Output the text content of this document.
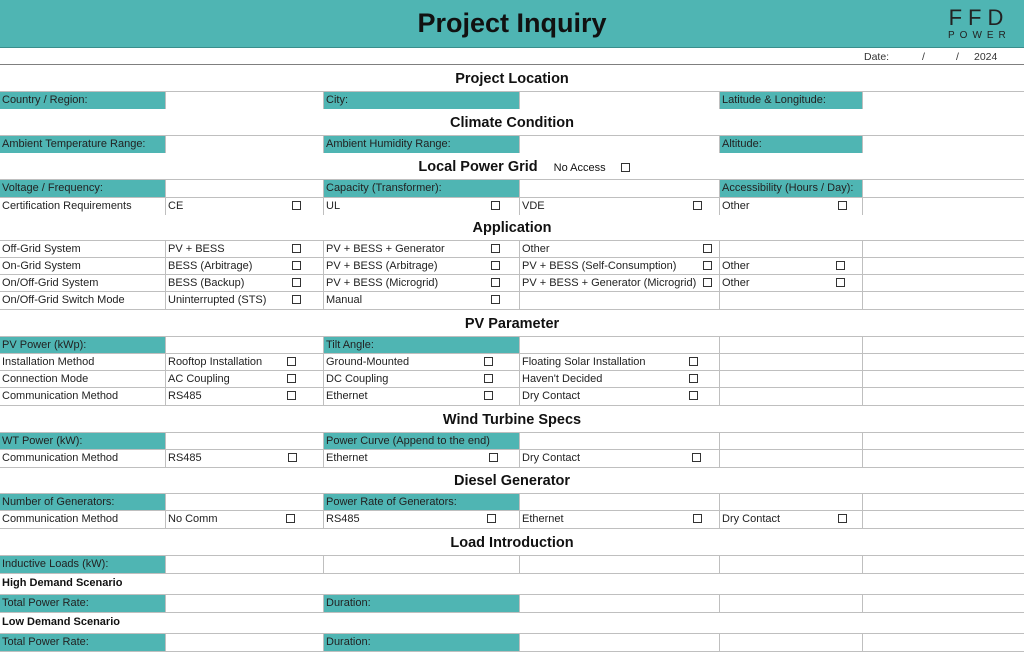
Project Inquiry	FFD
POWER
Date:	/	/ 2024
Project Location
Country / Region:	City:	Latitude & Longitude:
Climate Condition
Ambient Temperature Range:	Ambient Humidity Range:	Altitude:
Local Power Grid No Access
Voltage / Frequency:	Capacity (Transformer):	Accessibility (Hours / Day):
Certification Requirements	CE	UL	VDE	Other
Application
Off-Grid System	PV + BESS	PV + BESS + Generator	Other
On-Grid System	BESS (Arbitrage)	PV + BESS (Arbitrage)	PV + BESS (Self-Consumption)	Other
On/Off-Grid System	BESS (Backup)	PV + BESS (Microgrid)	PV + BESS + Generator (Microgrid)	Other
On/Off-Grid Switch Mode	Uninterrupted (STS)	Manual
PV Parameter
PV Power (kWp):	Tilt Angle:
Installation Method	Rooftop Installation	Ground-Mounted	Floating Solar Installation
Connection Mode	AC Coupling	DC Coupling	Haven't Decided
Communication Method	RS485	Ethernet	Dry Contact
Wind Turbine Specs
WT Power (kW):	Power Curve (Append to the end)
Communication Method	RS485	Ethernet	Dry Contact
Diesel Generator
Number of Generators:	Power Rate of Generators:
Communication Method	No Comm	RS485	Ethernet	Dry Contact
Load Introduction
Inductive Loads (kW):
High Demand Scenario
Total Power Rate:	Duration:
Low Demand Scenario
Total Power Rate:	Duration:
